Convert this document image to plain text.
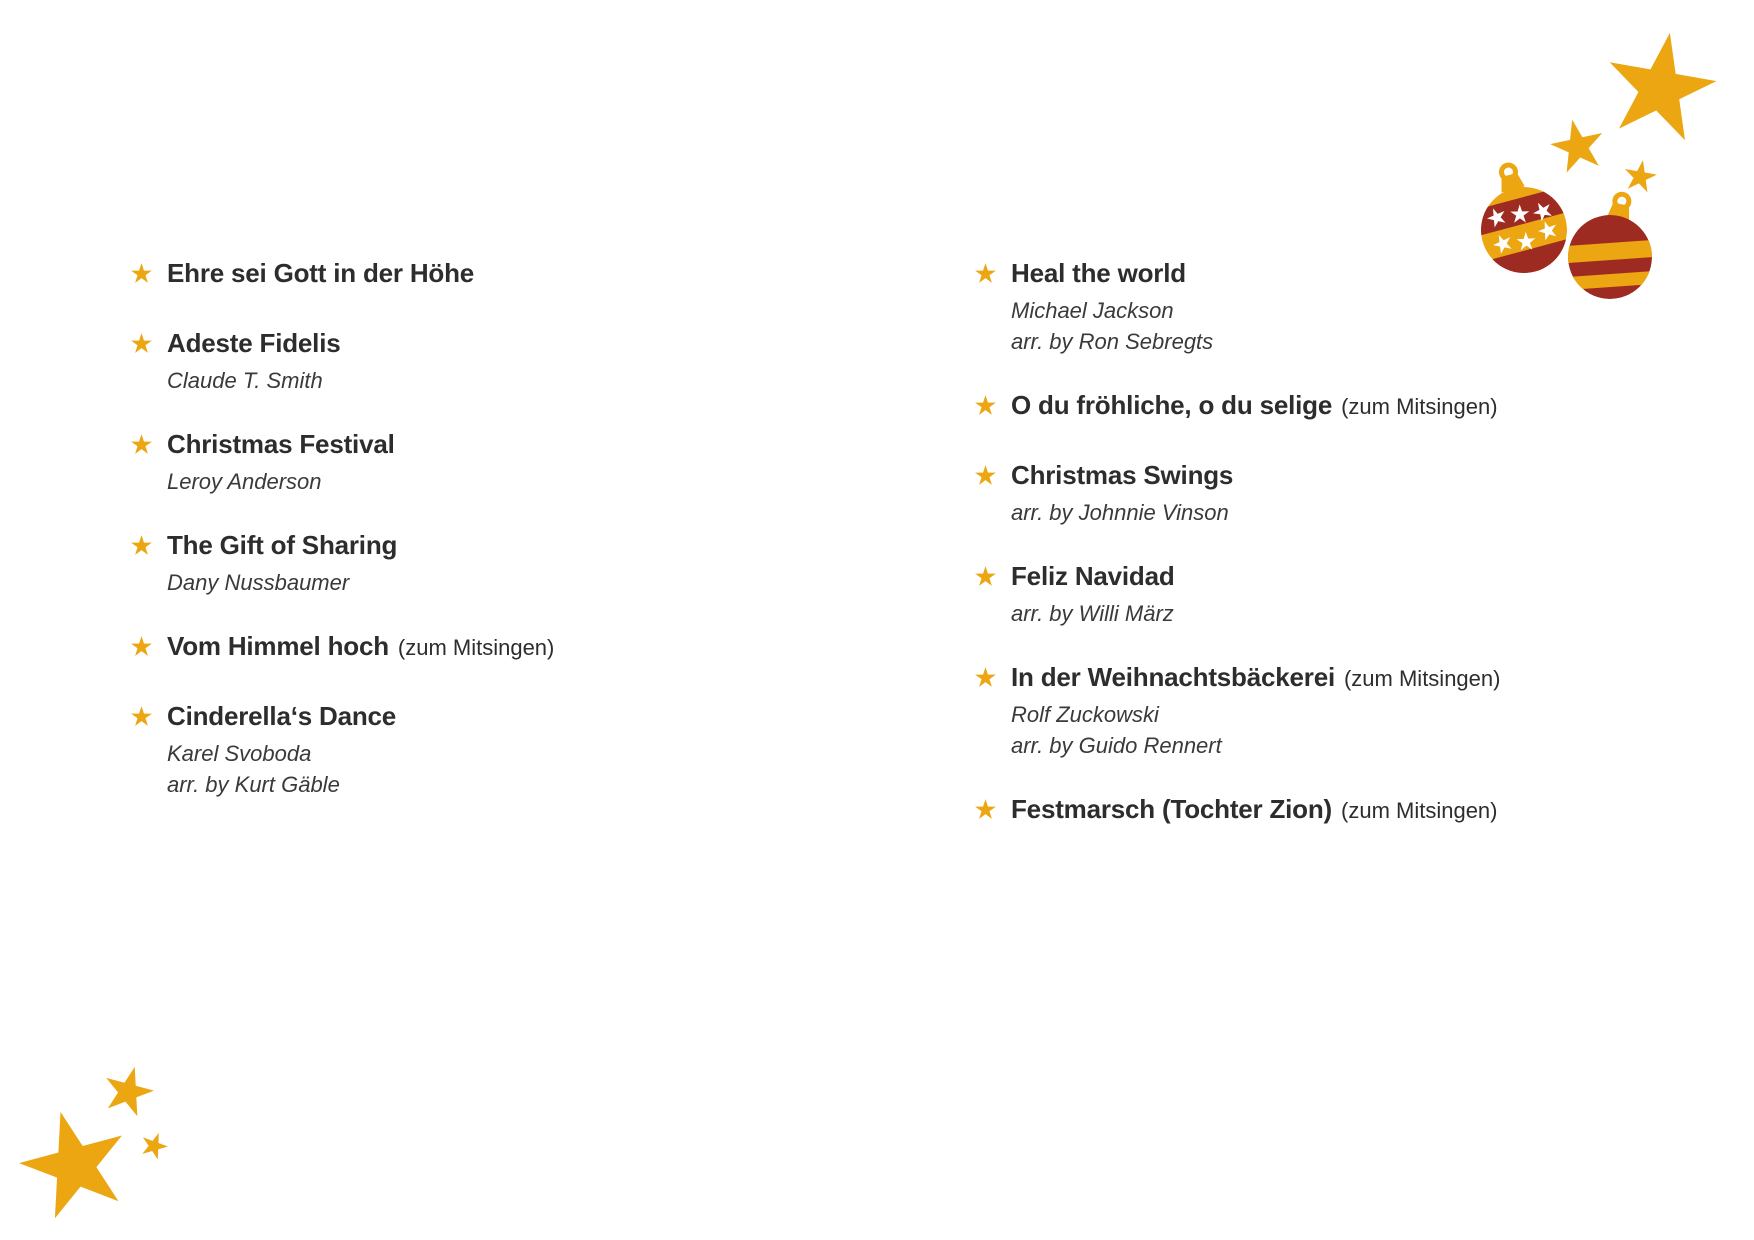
Ehre sei Gott in der Höhe
Adeste Fidelis
Claude T. Smith
Christmas Festival
Leroy Anderson
The Gift of Sharing
Dany Nussbaumer
Vom Himmel hoch (zum Mitsingen)
Cinderella‘s Dance
Karel Svoboda
arr. by Kurt Gäble
Heal the world
Michael Jackson
arr. by Ron Sebregts
O du fröhliche, o du selige (zum Mitsingen)
Christmas Swings
arr. by Johnnie Vinson
Feliz Navidad
arr. by Willi März
In der Weihnachtsbäckerei (zum Mitsingen)
Rolf Zuckowski
arr. by Guido Rennert
Festmarsch (Tochter Zion) (zum Mitsingen)
